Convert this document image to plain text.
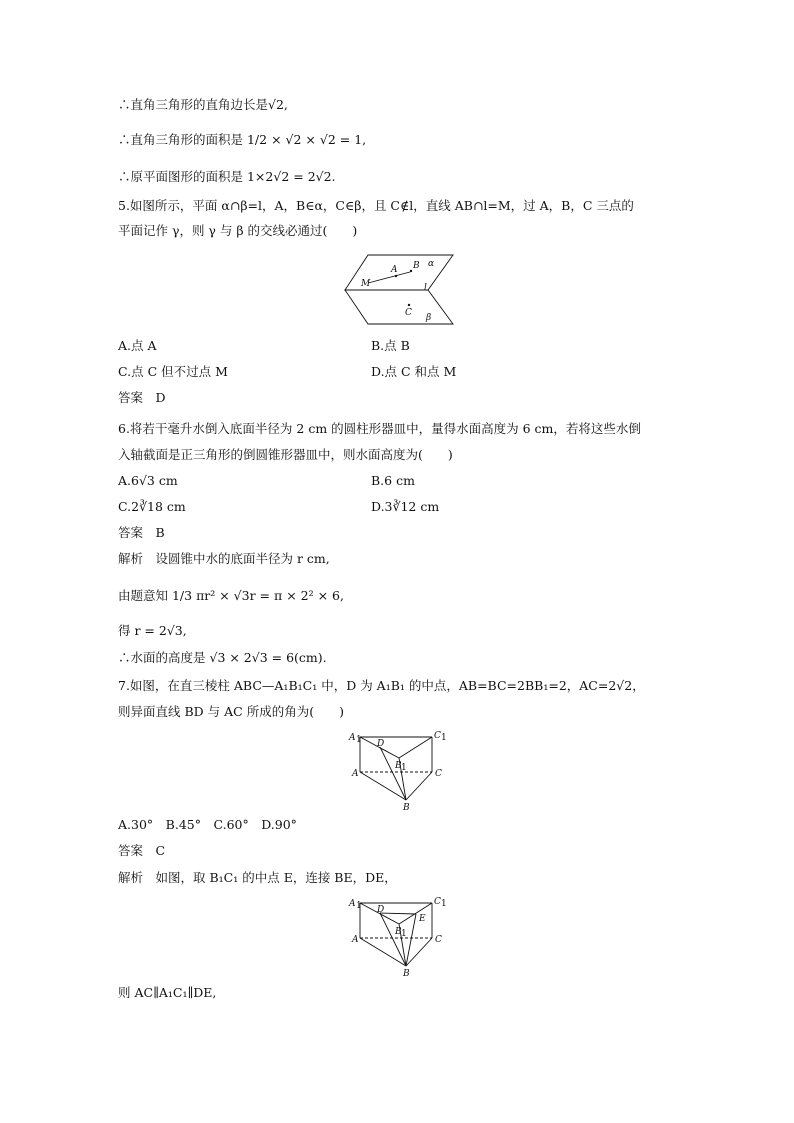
∴直角三角形的直角边长是√2,
∴直角三角形的面积是 1/2 × √2 × √2 = 1,
∴原平面图形的面积是 1×2√2 = 2√2.
5.如图所示，平面 α∩β=l，A，B∈α，C∈β，且 C∉l，直线 AB∩l=M，过 A，B，C 三点的
平面记作 γ，则 γ 与 β 的交线必通过(　　)
α
A B
M	l
C β
A.点 A	B.点 B
C.点 C 但不过点 M	D.点 C 和点 M
答案　D
6.将若干毫升水倒入底面半径为 2 cm 的圆柱形器皿中，量得水面高度为 6 cm，若将这些水倒
入轴截面是正三角形的倒圆锥形器皿中，则水面高度为(　　)
A.6√3 cm	B.6 cm
C.2∛18 cm	D.3∛12 cm
答案　B
解析　设圆锥中水的底面半径为 r cm,
由题意知 1/3 πr² × √3r = π × 2² × 6,
得 r = 2√3,
∴水面的高度是 √3 × 2√3 = 6(cm).
7.如图，在直三棱柱 ABC—A₁B₁C₁ 中，D 为 A₁B₁ 的中点，AB=BC=2BB₁=2，AC=2√2，
则异面直线 BD 与 AC 所成的角为(　　)
A 1	C 1
D
B 1
A	C
B
A.30°　B.45°　C.60°　D.90°
答案　C
解析　如图，取 B₁C₁ 的中点 E，连接 BE，DE，
A 1	C 1
D
E
B 1
A	C
B
则 AC∥A₁C₁∥DE,
